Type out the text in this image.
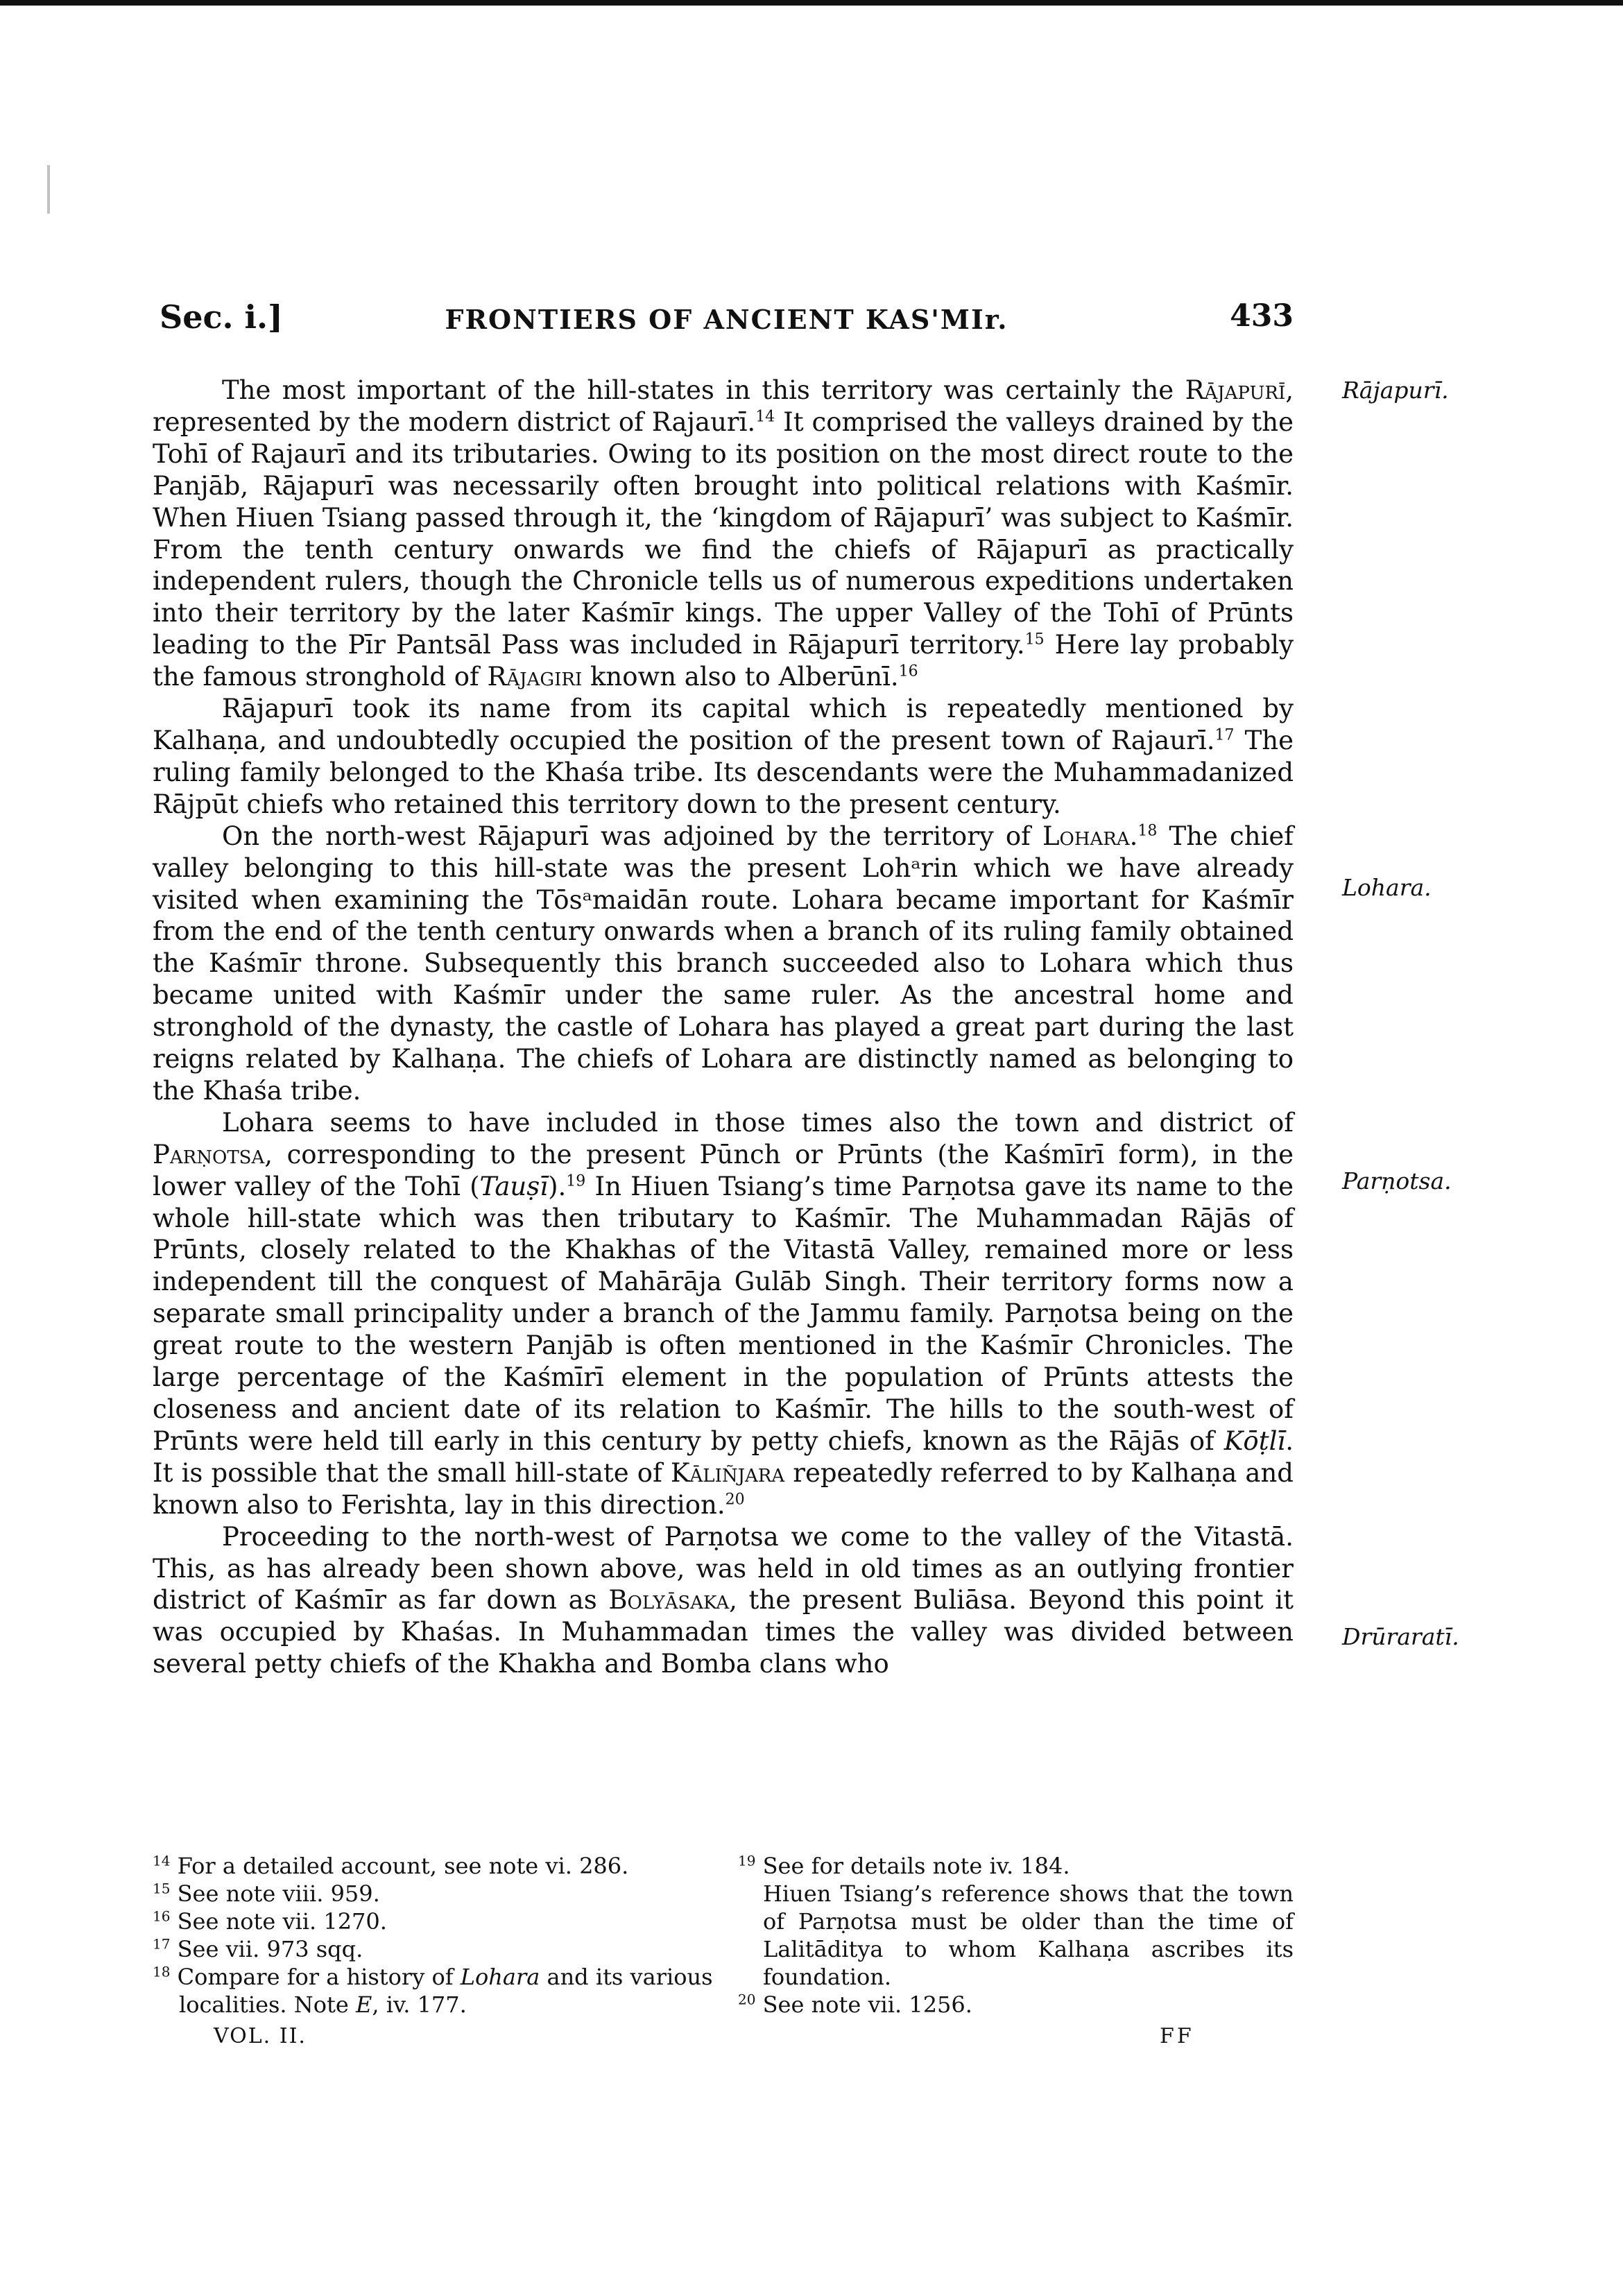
Sec. i.]	FRONTIERS OF ANCIENT KAS'MIr.	433
Rājapurī.
Lohara.
Parṇotsa.
Drūraratī.

The most important of the hill-states in this territory was certainly the Rājapurī, represented by the modern district of Rajaurī.$^{14}$ It comprised the valleys drained by the Tohī of Rajaurī and its tributaries. Owing to its position on the most direct route to the Panjāb, Rājapurī was necessarily often brought into political relations with Kaśmīr. When Hiuen Tsiang passed through it, the ‘kingdom of Rājapurī’ was subject to Kaśmīr. From the tenth century onwards we find the chiefs of Rājapurī as practically independent rulers, though the Chronicle tells us of numerous expeditions undertaken into their territory by the later Kaśmīr kings. The upper Valley of the Tohī of Prūnts leading to the Pīr Pantsāl Pass was included in Rājapurī territory.$^{15}$ Here lay probably the famous stronghold of Rājagiri known also to Alberūnī.$^{16}$

Rājapurī took its name from its capital which is repeatedly mentioned by Kalhaṇa, and undoubtedly occupied the position of the present town of Rajaurī.$^{17}$ The ruling family belonged to the Khaśa tribe. Its descendants were the Muhammadanized Rājpūt chiefs who retained this territory down to the present century.

On the north-west Rājapurī was adjoined by the territory of Lohara.$^{18}$ The chief valley belonging to this hill-state was the present Lohᵃrin which we have already visited when examining the Tōsᵃmaidān route. Lohara became important for Kaśmīr from the end of the tenth century onwards when a branch of its ruling family obtained the Kaśmīr throne. Subsequently this branch succeeded also to Lohara which thus became united with Kaśmīr under the same ruler. As the ancestral home and stronghold of the dynasty, the castle of Lohara has played a great part during the last reigns related by Kalhaṇa. The chiefs of Lohara are distinctly named as belonging to the Khaśa tribe.

Lohara seems to have included in those times also the town and district of Parṇotsa, corresponding to the present Pūnch or Prūnts (the Kaśmīrī form), in the lower valley of the Tohī (Tauṣī).$^{19}$ In Hiuen Tsiang’s time Parṇotsa gave its name to the whole hill-state which was then tributary to Kaśmīr. The Muhammadan Rājās of Prūnts, closely related to the Khakhas of the Vitastā Valley, remained more or less independent till the conquest of Mahārāja Gulāb Singh. Their territory forms now a separate small principality under a branch of the Jammu family. Parṇotsa being on the great route to the western Panjāb is often mentioned in the Kaśmīr Chronicles. The large percentage of the Kaśmīrī element in the population of Prūnts attests the closeness and ancient date of its relation to Kaśmīr. The hills to the south-west of Prūnts were held till early in this century by petty chiefs, known as the Rājās of Kōṭlī. It is possible that the small hill-state of Kāliñjara repeatedly referred to by Kalhaṇa and known also to Ferishta, lay in this direction.$^{20}$

Proceeding to the north-west of Parṇotsa we come to the valley of the Vitastā. This, as has already been shown above, was held in old times as an outlying frontier district of Kaśmīr as far down as Bolyāsaka, the present Buliāsa. Beyond this point it was occupied by Khaśas. In Muhammadan times the valley was divided between several petty chiefs of the Khakha and Bomba clans who

$^{14}$ For a detailed account, see note vi. 286.

$^{15}$ See note viii. 959.

$^{16}$ See note vii. 1270.

$^{17}$ See vii. 973 sqq.

$^{18}$ Compare for a history of Lohara and its various localities. Note E, iv. 177.

$^{19}$ See for details note iv. 184.

Hiuen Tsiang’s reference shows that the town of Parṇotsa must be older than the time of Lalitāditya to whom Kalhaṇa ascribes its foundation.

$^{20}$ See note vii. 1256.

VOL. II.	FF
